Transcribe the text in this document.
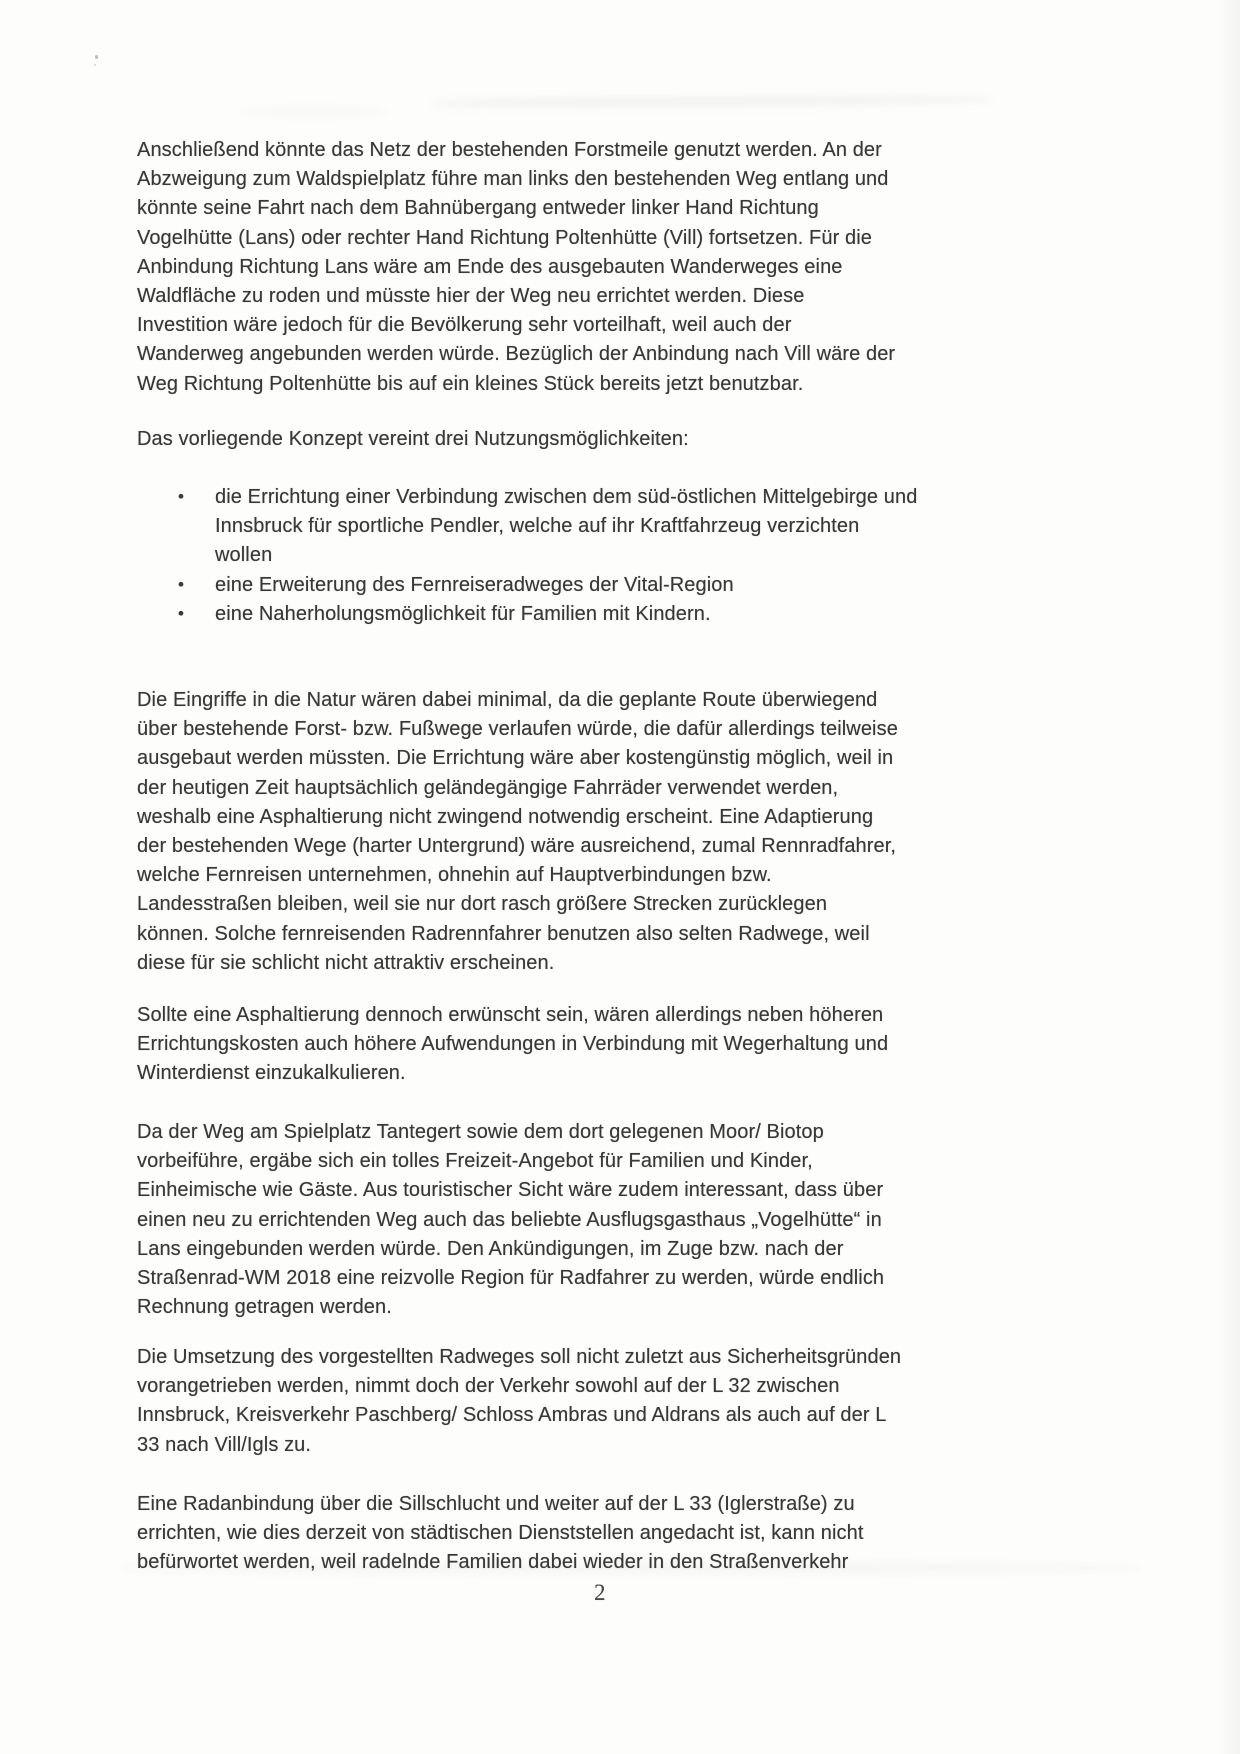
Anschließend könnte das Netz der bestehenden Forstmeile genutzt werden. An der
Abzweigung zum Waldspielplatz führe man links den bestehenden Weg entlang und
könnte seine Fahrt nach dem Bahnübergang entweder linker Hand Richtung
Vogelhütte (Lans) oder rechter Hand Richtung Poltenhütte (Vill) fortsetzen. Für die
Anbindung Richtung Lans wäre am Ende des ausgebauten Wanderweges eine
Waldfläche zu roden und müsste hier der Weg neu errichtet werden. Diese
Investition wäre jedoch für die Bevölkerung sehr vorteilhaft, weil auch der
Wanderweg angebunden werden würde. Bezüglich der Anbindung nach Vill wäre der
Weg Richtung Poltenhütte bis auf ein kleines Stück bereits jetzt benutzbar.
Das vorliegende Konzept vereint drei Nutzungsmöglichkeiten:
• die Errichtung einer Verbindung zwischen dem süd-östlichen Mittelgebirge und
Innsbruck für sportliche Pendler, welche auf ihr Kraftfahrzeug verzichten
wollen
• eine Erweiterung des Fernreiseradweges der Vital-Region
• eine Naherholungsmöglichkeit für Familien mit Kindern.
Die Eingriffe in die Natur wären dabei minimal, da die geplante Route überwiegend
über bestehende Forst- bzw. Fußwege verlaufen würde, die dafür allerdings teilweise
ausgebaut werden müssten. Die Errichtung wäre aber kostengünstig möglich, weil in
der heutigen Zeit hauptsächlich geländegängige Fahrräder verwendet werden,
weshalb eine Asphaltierung nicht zwingend notwendig erscheint. Eine Adaptierung
der bestehenden Wege (harter Untergrund) wäre ausreichend, zumal Rennradfahrer,
welche Fernreisen unternehmen, ohnehin auf Hauptverbindungen bzw.
Landesstraßen bleiben, weil sie nur dort rasch größere Strecken zurücklegen
können. Solche fernreisenden Radrennfahrer benutzen also selten Radwege, weil
diese für sie schlicht nicht attraktiv erscheinen.
Sollte eine Asphaltierung dennoch erwünscht sein, wären allerdings neben höheren
Errichtungskosten auch höhere Aufwendungen in Verbindung mit Wegerhaltung und
Winterdienst einzukalkulieren.
Da der Weg am Spielplatz Tantegert sowie dem dort gelegenen Moor/ Biotop
vorbeiführe, ergäbe sich ein tolles Freizeit-Angebot für Familien und Kinder,
Einheimische wie Gäste. Aus touristischer Sicht wäre zudem interessant, dass über
einen neu zu errichtenden Weg auch das beliebte Ausflugsgasthaus „Vogelhütte“ in
Lans eingebunden werden würde. Den Ankündigungen, im Zuge bzw. nach der
Straßenrad-WM 2018 eine reizvolle Region für Radfahrer zu werden, würde endlich
Rechnung getragen werden.
Die Umsetzung des vorgestellten Radweges soll nicht zuletzt aus Sicherheitsgründen
vorangetrieben werden, nimmt doch der Verkehr sowohl auf der L 32 zwischen
Innsbruck, Kreisverkehr Paschberg/ Schloss Ambras und Aldrans als auch auf der L
33 nach Vill/Igls zu.
Eine Radanbindung über die Sillschlucht und weiter auf der L 33 (Iglerstraße) zu
errichten, wie dies derzeit von städtischen Dienststellen angedacht ist, kann nicht
befürwortet werden, weil radelnde Familien dabei wieder in den Straßenverkehr
2
